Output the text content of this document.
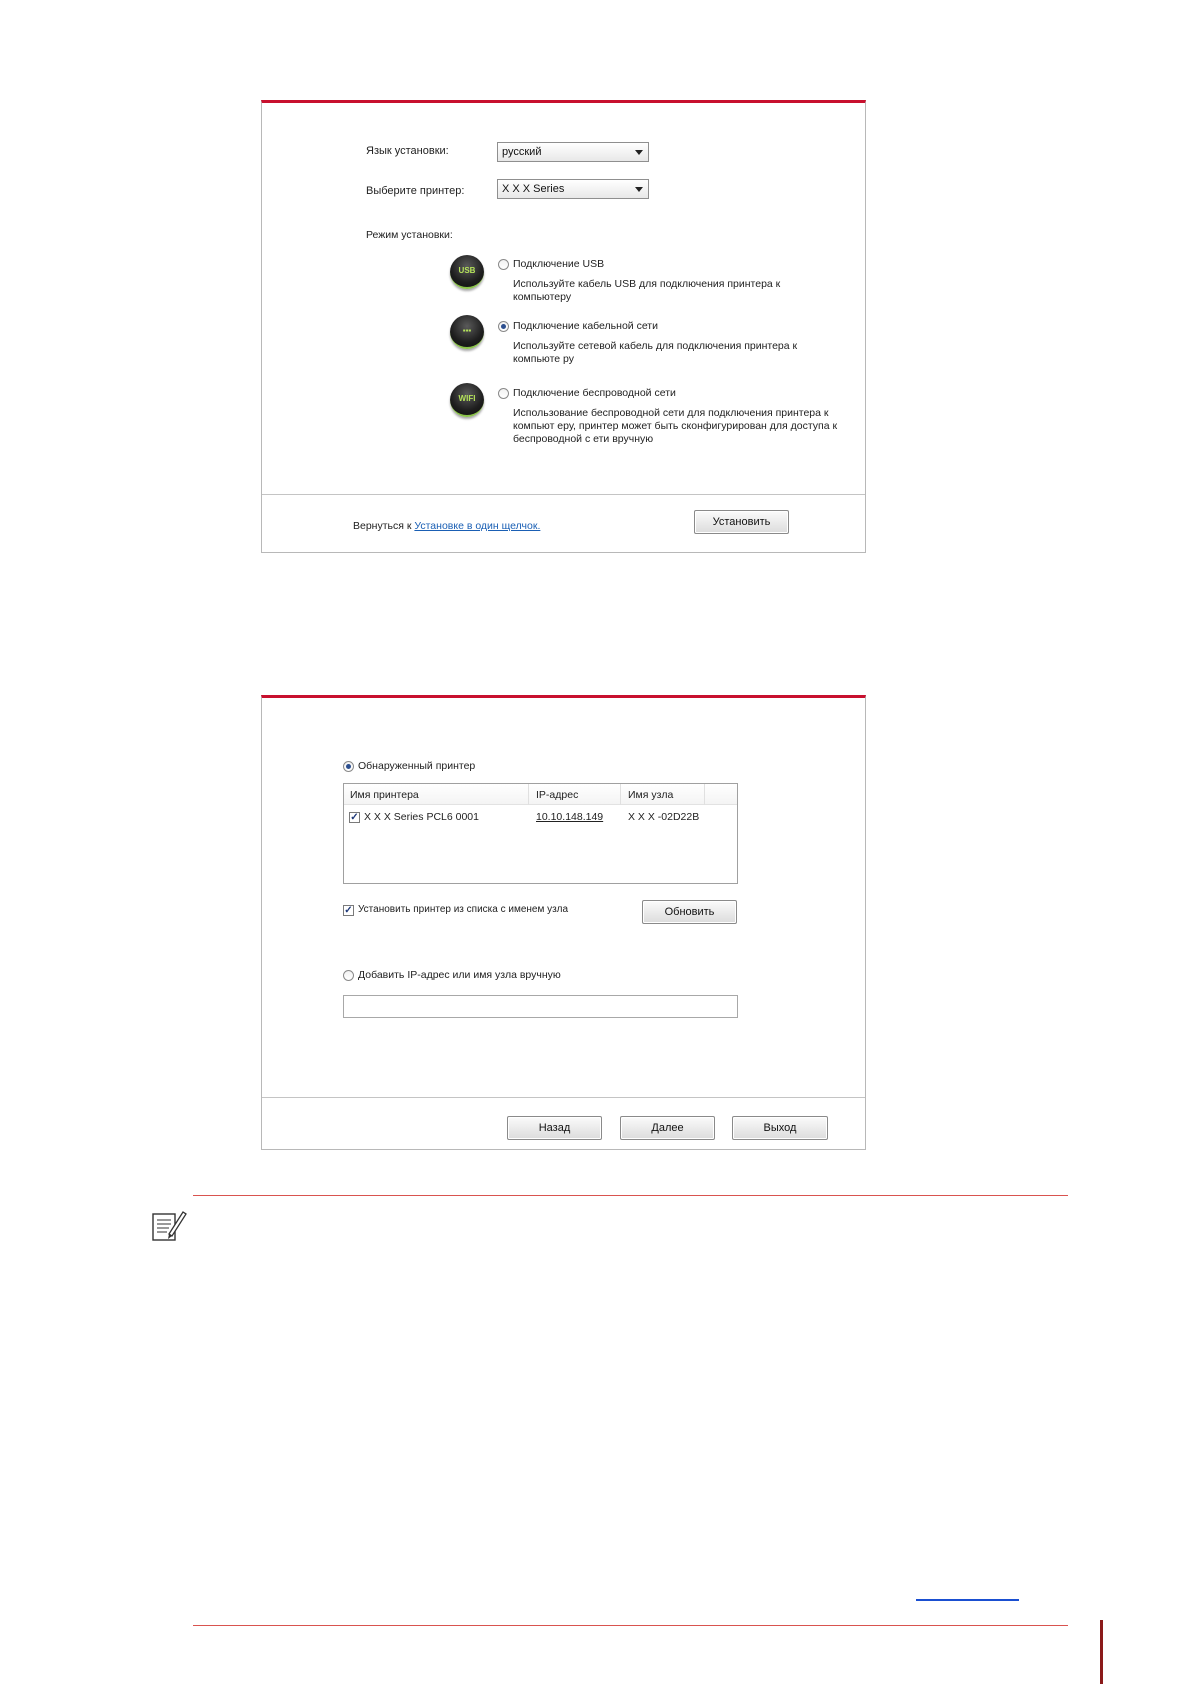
Язык установки:	русский
Выберите принтер:	X X X Series
Режим установки:
USB
Подключение USB
Используйте кабель USB для подключения принтера к компьютеру
▪▪▪	Подключение кабельной сети
Используйте сетевой кабель для подключения принтера к компьюте ру
WIFI	Подключение беспроводной сети
Использование беспроводной сети для подключения принтера к компьют еру, принтер может быть сконфигурирован для доступа к беспроводной с ети вручную
Вернуться к Установке в один щелчок.	Установить
Обнаруженный принтер
Имя принтера	IP-адрес	Имя узла
✓ X X X Series PCL6 0001	10.10.148.149 X X X -02D22B
✓ Установить принтер из списка с именем узла	Обновить
Добавить IP-адрес или имя узла вручную
Назад	Далее	Выход
